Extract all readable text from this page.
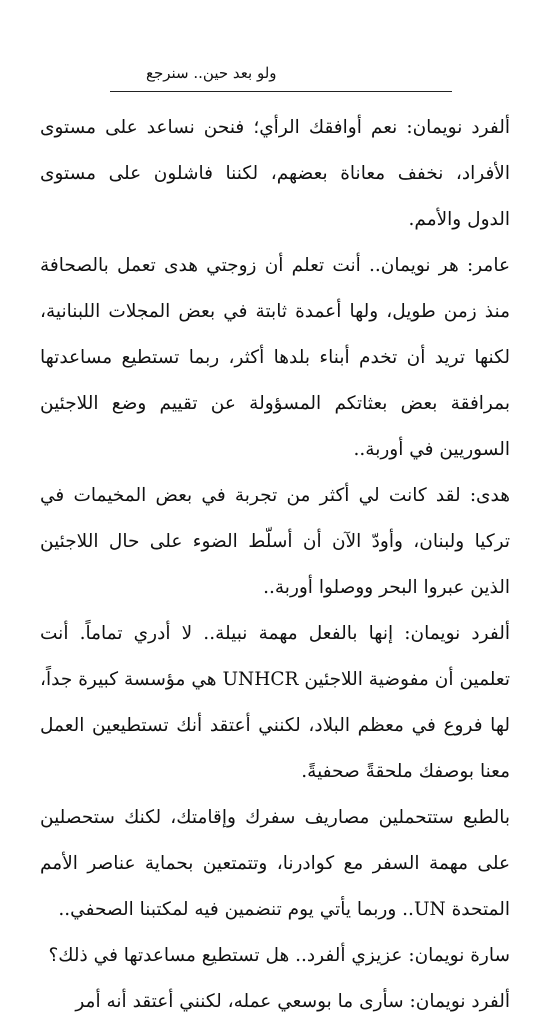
ولو بعد حين.. سنرجع

ألفرد نويمان: نعم أوافقك الرأي؛ فنحن نساعد على مستوى الأفراد، نخفف معاناة بعضهم، لكننا فاشلون على مستوى الدول والأمم.

عامر: هر نويمان.. أنت تعلم أن زوجتي هدى تعمل بالصحافة منذ زمن طويل، ولها أعمدة ثابتة في بعض المجلات اللبنانية، لكنها تريد أن تخدم أبناء بلدها أكثر، ربما تستطيع مساعدتها بمرافقة بعض بعثاتكم المسؤولة عن تقييم وضع اللاجئين السوريين في أوربة..

هدى: لقد كانت لي أكثر من تجربة في بعض المخيمات في تركيا ولبنان، وأودّ الآن أن أسلّط الضوء على حال اللاجئين الذين عبروا البحر ووصلوا أوربة..

ألفرد نويمان: إنها بالفعل مهمة نبيلة.. لا أدري تماماً. أنت تعلمين أن مفوضية اللاجئين UNHCR هي مؤسسة كبيرة جداً، لها فروع في معظم البلاد، لكنني أعتقد أنك تستطيعين العمل معنا بوصفك ملحقةً صحفيةً.

بالطبع ستتحملين مصاريف سفرك وإقامتك، لكنك ستحصلين على مهمة السفر مع كوادرنا، وتتمتعين بحماية عناصر الأمم المتحدة UN.. وربما يأتي يوم تنضمين فيه لمكتبنا الصحفي..

سارة نويمان: عزيزي ألفرد.. هل تستطيع مساعدتها في ذلك؟

ألفرد نويمان: سأرى ما بوسعي عمله، لكنني أعتقد أنه أمر
